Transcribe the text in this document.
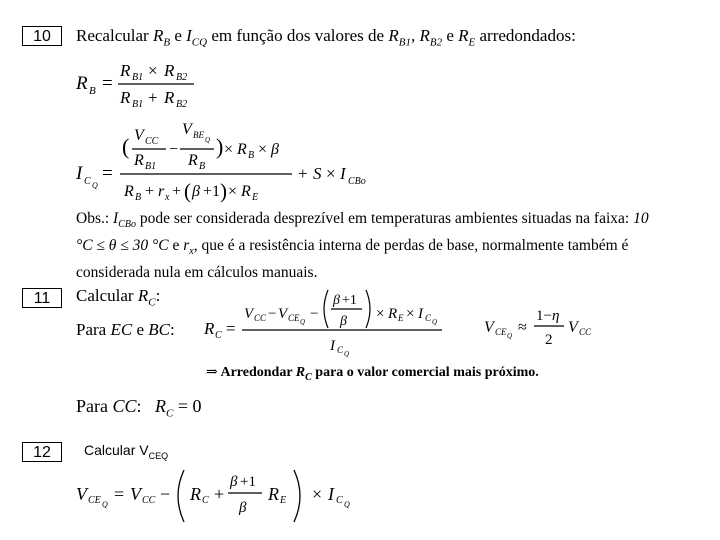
10	Recalcular $R_B$ e $I_{CQ}$ em função dos valores de $R_{B1}$, $R_{B2}$ e $R_E$ arredondados:
R B =
R B1 × R B2
R B1 + R B2
( V CC
R B1
−
V BE Q
R B
) × R B × β
I C Q
=
R B + r x + ( β +1 ) × R E
+ S × I CBo
Obs.: $I_{CBo}$ pode ser considerada desprezível em temperaturas ambientes situadas na faixa: 10 °C ≤ θ ≤ 30 °C e $r_x$, que é a resistência interna de perdas de base, normalmente também é considerada nula em cálculos manuais.
11	Calcular $R_C$:
Para EC e BC: R C =
V CC − V CE Q −
β +1
β × R E × I C Q
I C Q
V CE Q ≈
1− η
2
V CC
⇒ Arredondar $R_C$ para o valor comercial mais próximo.
Para CC:   $R_C = 0$
12	Calcular $V_{CEQ}$
V CE Q
= V CC − R C +
β +1
β
R E × I C Q
